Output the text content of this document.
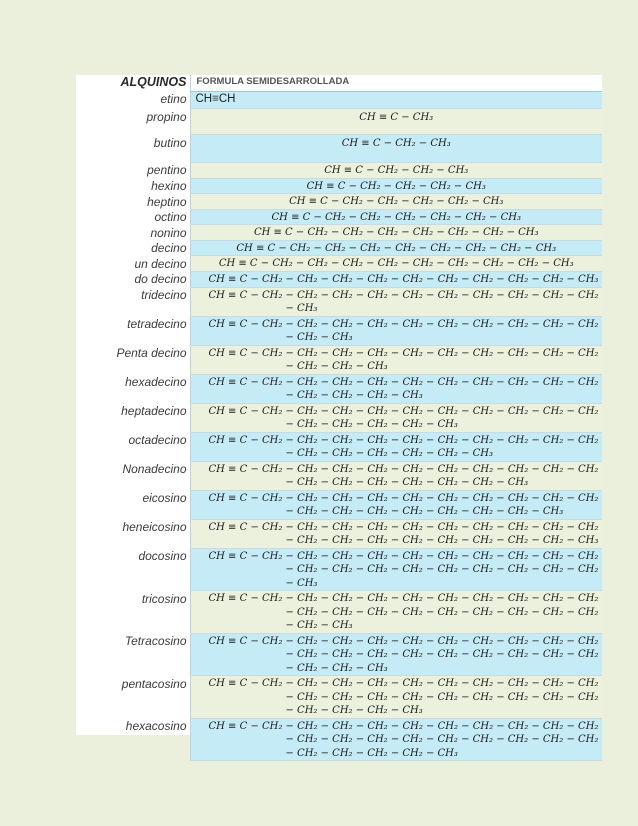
ALQUINOS	FORMULA SEMIDESARROLLADA
etino	CH≡CH
propino	CH ≡ C − CH₃

butino	CH ≡ C − CH₂ − CH₃

pentino	CH ≡ C − CH₂ − CH₂ − CH₃

hexino	CH ≡ C − CH₂ − CH₂ − CH₂ − CH₃

heptino	CH ≡ C − CH₂ − CH₂ − CH₂ − CH₂ − CH₃

octino	CH ≡ C − CH₂ − CH₂ − CH₂ − CH₂ − CH₂ − CH₃

nonino	CH ≡ C − CH₂ − CH₂ − CH₂ − CH₂ − CH₂ − CH₂ − CH₃

decino	CH ≡ C − CH₂ − CH₂ − CH₂ − CH₂ − CH₂ − CH₂ − CH₂ − CH₃

un decino	CH ≡ C − CH₂ − CH₂ − CH₂ − CH₂ − CH₂ − CH₂ − CH₂ − CH₂ − CH₃

do decino	CH ≡ C − CH₂ − CH₂ − CH₂ − CH₂ − CH₂ − CH₂ − CH₂ − CH₂ − CH₂ − CH₃

tridecino	CH ≡ C − CH₂ − CH₂ − CH₂ − CH₂ − CH₂ − CH₂ − CH₂ − CH₂ − CH₂ − CH₂
− CH₃

tetradecino	CH ≡ C − CH₂ − CH₂ − CH₂ − CH₂ − CH₂ − CH₂ − CH₂ − CH₂ − CH₂ − CH₂
− CH₂ − CH₃

Penta decino	CH ≡ C − CH₂ − CH₂ − CH₂ − CH₂ − CH₂ − CH₂ − CH₂ − CH₂ − CH₂ − CH₂
− CH₂ − CH₂ − CH₃

hexadecino	CH ≡ C − CH₂ − CH₂ − CH₂ − CH₂ − CH₂ − CH₂ − CH₂ − CH₂ − CH₂ − CH₂
− CH₂ − CH₂ − CH₂ − CH₃

heptadecino	CH ≡ C − CH₂ − CH₂ − CH₂ − CH₂ − CH₂ − CH₂ − CH₂ − CH₂ − CH₂ − CH₂
− CH₂ − CH₂ − CH₂ − CH₂ − CH₃

octadecino	CH ≡ C − CH₂ − CH₂ − CH₂ − CH₂ − CH₂ − CH₂ − CH₂ − CH₂ − CH₂ − CH₂
− CH₂ − CH₂ − CH₂ − CH₂ − CH₂ − CH₃

Nonadecino	CH ≡ C − CH₂ − CH₂ − CH₂ − CH₂ − CH₂ − CH₂ − CH₂ − CH₂ − CH₂ − CH₂
− CH₂ − CH₂ − CH₂ − CH₂ − CH₂ − CH₂ − CH₃

eicosino	CH ≡ C − CH₂ − CH₂ − CH₂ − CH₂ − CH₂ − CH₂ − CH₂ − CH₂ − CH₂ − CH₂
− CH₂ − CH₂ − CH₂ − CH₂ − CH₂ − CH₂ − CH₂ − CH₃

heneicosino	CH ≡ C − CH₂ − CH₂ − CH₂ − CH₂ − CH₂ − CH₂ − CH₂ − CH₂ − CH₂ − CH₂
− CH₂ − CH₂ − CH₂ − CH₂ − CH₂ − CH₂ − CH₂ − CH₂ − CH₃

docosino	CH ≡ C − CH₂ − CH₂ − CH₂ − CH₂ − CH₂ − CH₂ − CH₂ − CH₂ − CH₂ − CH₂
− CH₂ − CH₂ − CH₂ − CH₂ − CH₂ − CH₂ − CH₂ − CH₂ − CH₂
− CH₃

tricosino	CH ≡ C − CH₂ − CH₂ − CH₂ − CH₂ − CH₂ − CH₂ − CH₂ − CH₂ − CH₂ − CH₂
− CH₂ − CH₂ − CH₂ − CH₂ − CH₂ − CH₂ − CH₂ − CH₂ − CH₂
− CH₂ − CH₃

Tetracosino	CH ≡ C − CH₂ − CH₂ − CH₂ − CH₂ − CH₂ − CH₂ − CH₂ − CH₂ − CH₂ − CH₂
− CH₂ − CH₂ − CH₂ − CH₂ − CH₂ − CH₂ − CH₂ − CH₂ − CH₂
− CH₂ − CH₂ − CH₃

pentacosino	CH ≡ C − CH₂ − CH₂ − CH₂ − CH₂ − CH₂ − CH₂ − CH₂ − CH₂ − CH₂ − CH₂
− CH₂ − CH₂ − CH₂ − CH₂ − CH₂ − CH₂ − CH₂ − CH₂ − CH₂
− CH₂ − CH₂ − CH₂ − CH₃

hexacosino	CH ≡ C − CH₂ − CH₂ − CH₂ − CH₂ − CH₂ − CH₂ − CH₂ − CH₂ − CH₂ − CH₂
− CH₂ − CH₂ − CH₂ − CH₂ − CH₂ − CH₂ − CH₂ − CH₂ − CH₂
− CH₂ − CH₂ − CH₂ − CH₂ − CH₃
